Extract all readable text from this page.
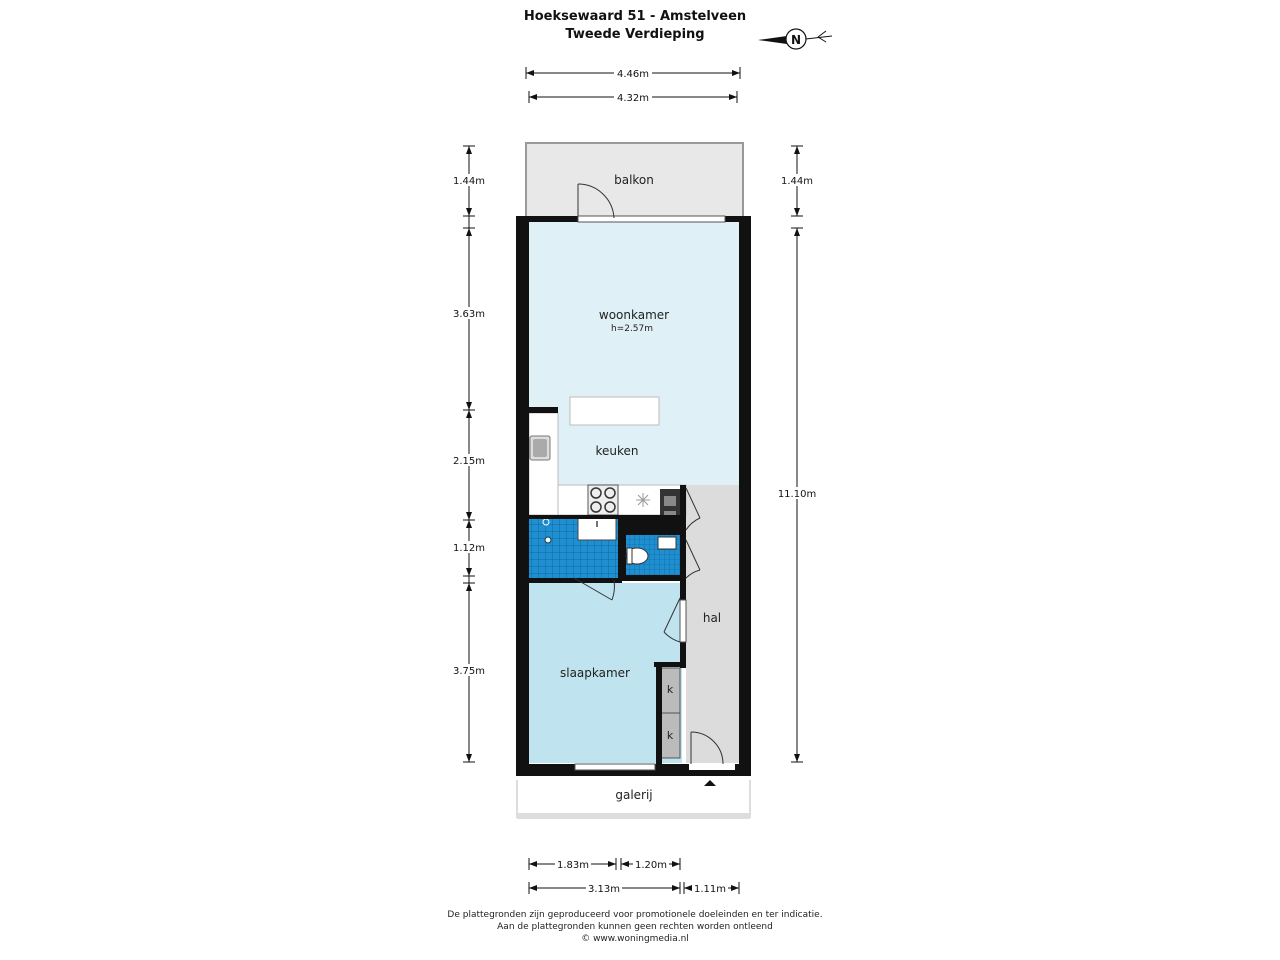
Hoeksewaard 51 - Amstelveen
Tweede Verdieping	N
4.46m
4.32m
1.44m
3.63m
2.15m
1.12m
3.75m
1.44m
11.10m
balkon
k
k
woonkamer
h=2.57m
keuken
hal
slaapkamer
galerij
1.83m	1.20m
3.13m	1.11m
De plattegronden zijn geproduceerd voor promotionele doeleinden en ter indicatie.
Aan de plattegronden kunnen geen rechten worden ontleend
© www.woningmedia.nl
